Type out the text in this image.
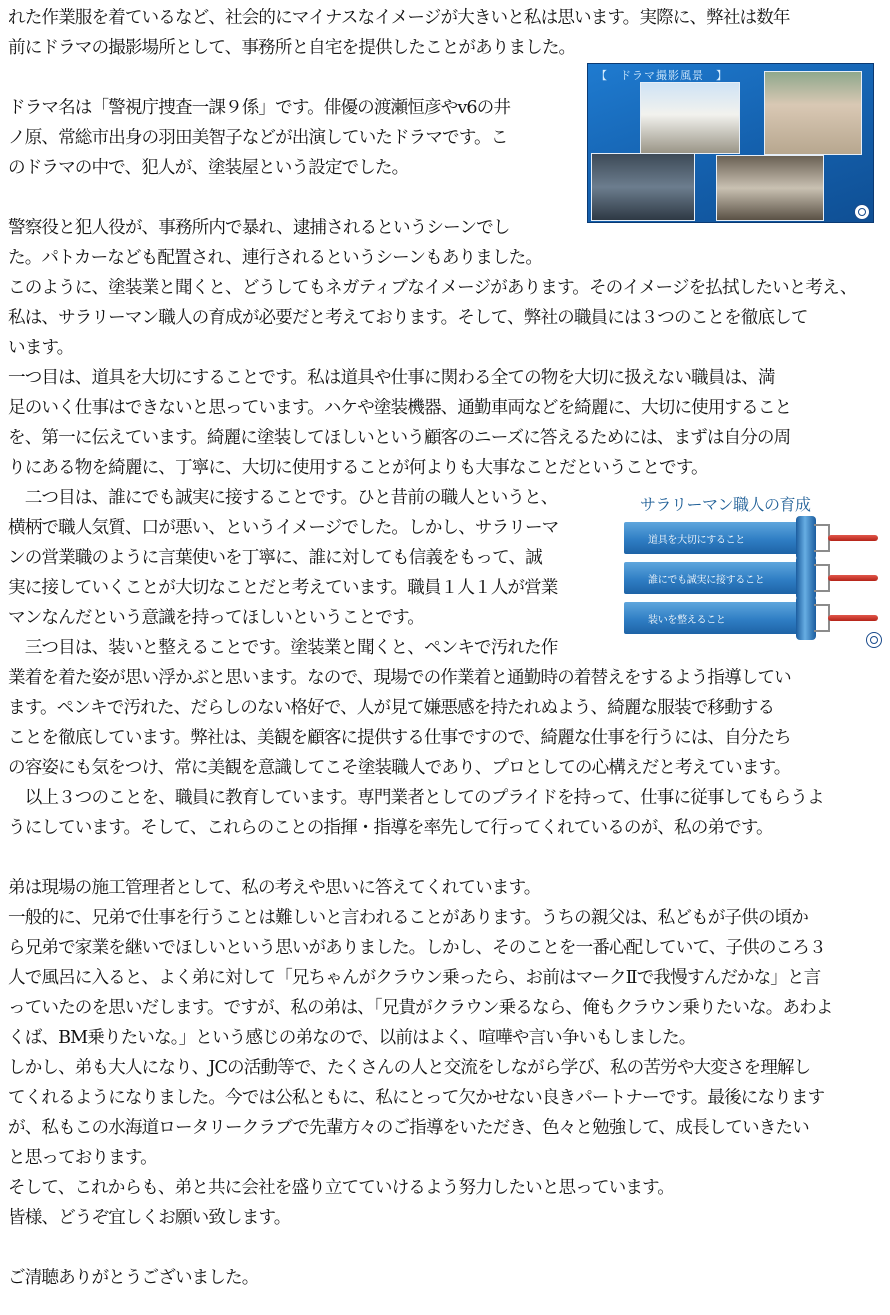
れた作業服を着ているなど、社会的にマイナスなイメージが大きいと私は思います。実際に、弊社は数年
前にドラマの撮影場所として、事務所と自宅を提供したことがありました。
ドラマ名は「警視庁捜査一課９係」です。俳優の渡瀬恒彦やv6の井
ノ原、常総市出身の羽田美智子などが出演していたドラマです。こ
のドラマの中で、犯人が、塗装屋という設定でした。
警察役と犯人役が、事務所内で暴れ、逮捕されるというシーンでし
た。パトカーなども配置され、連行されるというシーンもありました。
このように、塗装業と聞くと、どうしてもネガティブなイメージがあります。そのイメージを払拭したいと考え、
私は、サラリーマン職人の育成が必要だと考えております。そして、弊社の職員には３つのことを徹底して
います。
一つ目は、道具を大切にすることです。私は道具や仕事に関わる全ての物を大切に扱えない職員は、満
足のいく仕事はできないと思っています。ハケや塗装機器、通勤車両などを綺麗に、大切に使用すること
を、第一に伝えています。綺麗に塗装してほしいという顧客のニーズに答えるためには、まずは自分の周
りにある物を綺麗に、丁寧に、大切に使用することが何よりも大事なことだということです。
　二つ目は、誰にでも誠実に接することです。ひと昔前の職人というと、
横柄で職人気質、口が悪い、というイメージでした。しかし、サラリーマ
ンの営業職のように言葉使いを丁寧に、誰に対しても信義をもって、誠
実に接していくことが大切なことだと考えています。職員１人１人が営業
マンなんだという意識を持ってほしいということです。
　三つ目は、装いと整えることです。塗装業と聞くと、ペンキで汚れた作
業着を着た姿が思い浮かぶと思います。なので、現場での作業着と通勤時の着替えをするよう指導してい
ます。ペンキで汚れた、だらしのない格好で、人が見て嫌悪感を持たれぬよう、綺麗な服装で移動する
ことを徹底しています。弊社は、美観を顧客に提供する仕事ですので、綺麗な仕事を行うには、自分たち
の容姿にも気をつけ、常に美観を意識してこそ塗装職人であり、プロとしての心構えだと考えています。
　以上３つのことを、職員に教育しています。専門業者としてのプライドを持って、仕事に従事してもらうよ
うにしています。そして、これらのことの指揮・指導を率先して行ってくれているのが、私の弟です。
弟は現場の施工管理者として、私の考えや思いに答えてくれています。
一般的に、兄弟で仕事を行うことは難しいと言われることがあります。うちの親父は、私どもが子供の頃か
ら兄弟で家業を継いでほしいという思いがありました。しかし、そのことを一番心配していて、子供のころ３
人で風呂に入ると、よく弟に対して「兄ちゃんがクラウン乗ったら、お前はマークⅡで我慢すんだかな」と言
っていたのを思いだします。ですが、私の弟は、「兄貴がクラウン乗るなら、俺もクラウン乗りたいな。あわよ
くば、BM乗りたいな。」という感じの弟なので、以前はよく、喧嘩や言い争いもしました。
しかし、弟も大人になり、JCの活動等で、たくさんの人と交流をしながら学び、私の苦労や大変さを理解し
てくれるようになりました。今では公私ともに、私にとって欠かせない良きパートナーです。最後になります
が、私もこの水海道ロータリークラブで先輩方々のご指導をいただき、色々と勉強して、成長していきたい
と思っております。
そして、これからも、弟と共に会社を盛り立てていけるよう努力したいと思っています。
皆様、どうぞ宜しくお願い致します。
ご清聴ありがとうございました。
【　ドラマ撮影風景　】
サラリーマン職人の育成
道具を大切にすること
誰にでも誠実に接すること
装いを整えること
